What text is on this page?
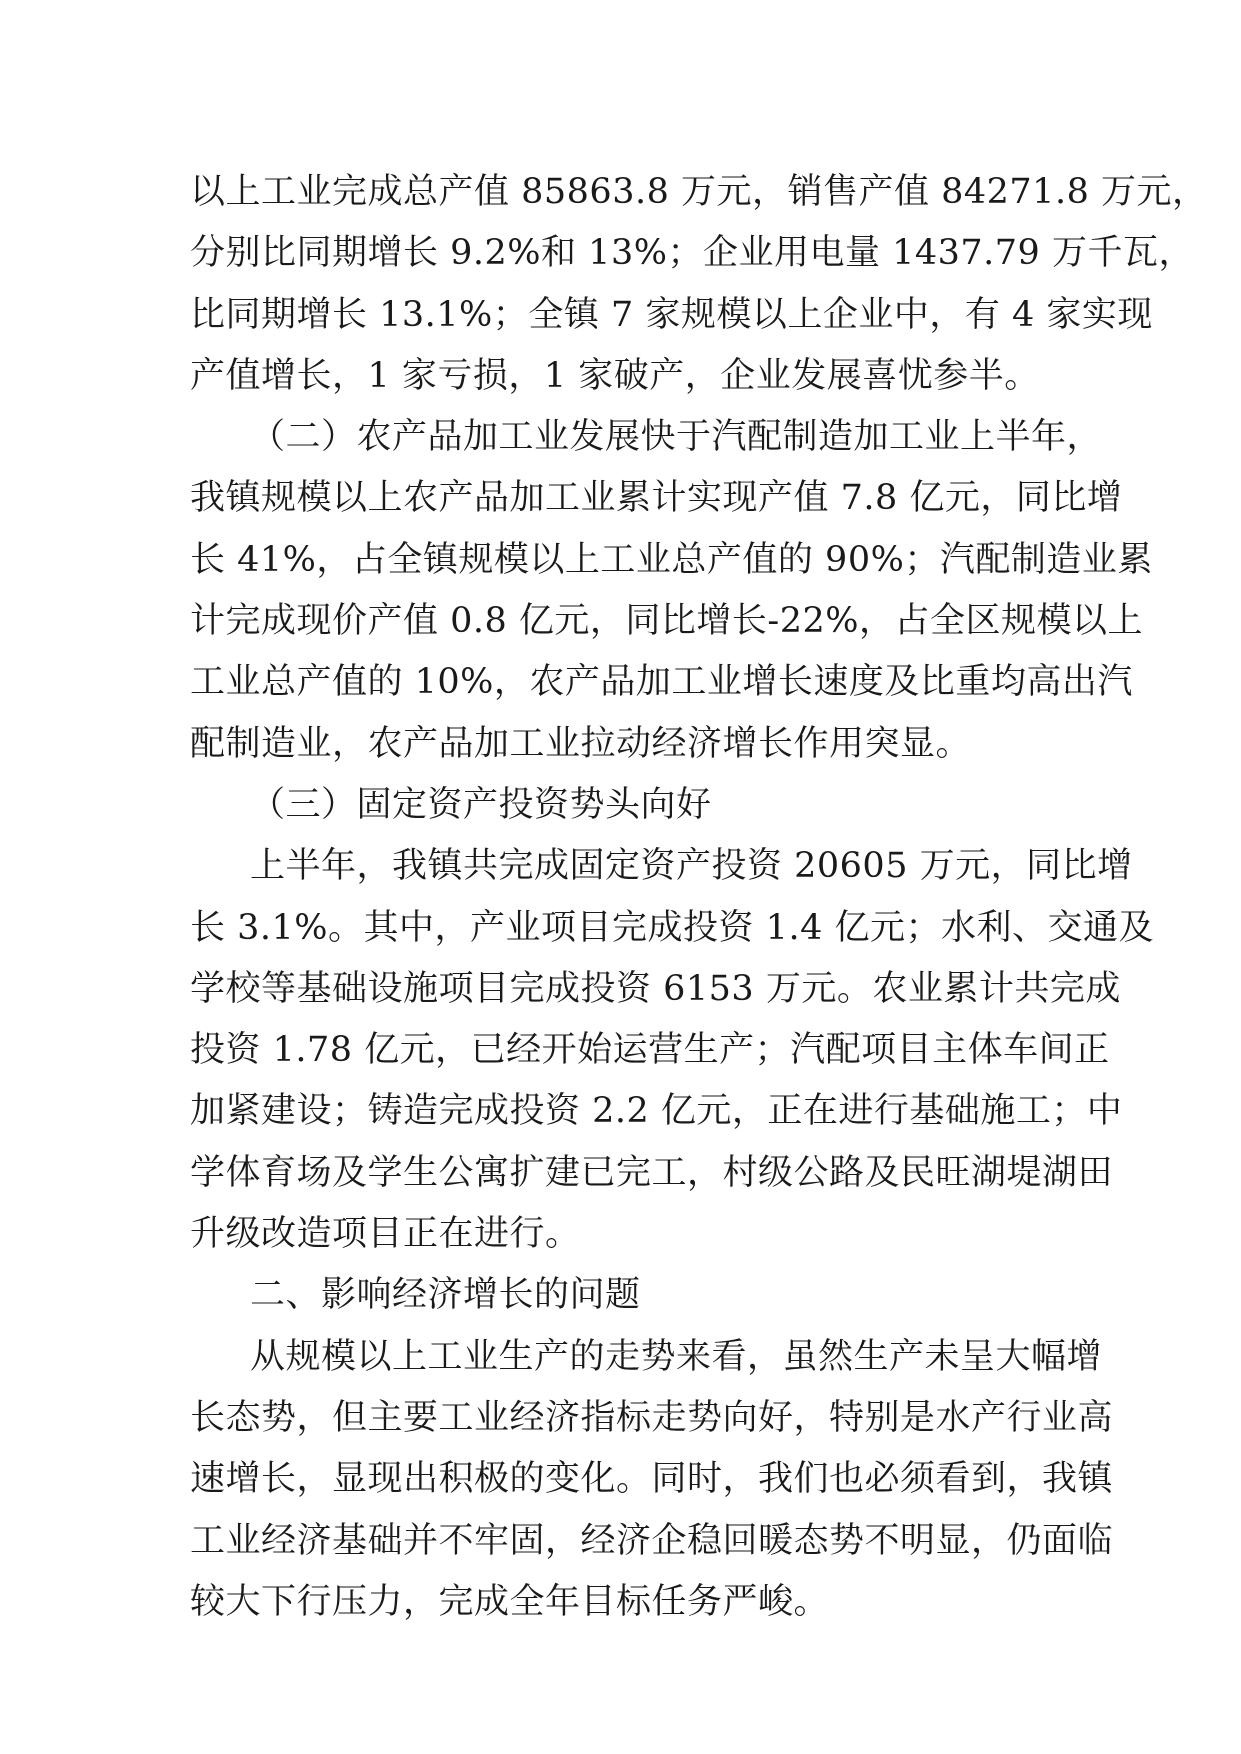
以上工业完成总产值 85863.8 万元，销售产值 84271.8 万元，
分别比同期增长 9.2%和 13%；企业用电量 1437.79 万千瓦，
比同期增长 13.1%；全镇 7 家规模以上企业中，有 4 家实现
产值增长，1 家亏损，1 家破产，企业发展喜忧参半。
（二）农产品加工业发展快于汽配制造加工业上半年，
我镇规模以上农产品加工业累计实现产值 7.8 亿元，同比增
长 41%，占全镇规模以上工业总产值的 90%；汽配制造业累
计完成现价产值 0.8 亿元，同比增长-22%，占全区规模以上
工业总产值的 10%，农产品加工业增长速度及比重均高出汽
配制造业，农产品加工业拉动经济增长作用突显。
（三）固定资产投资势头向好
上半年，我镇共完成固定资产投资 20605 万元，同比增
长 3.1%。其中，产业项目完成投资 1.4 亿元；水利、交通及
学校等基础设施项目完成投资 6153 万元。农业累计共完成
投资 1.78 亿元，已经开始运营生产；汽配项目主体车间正
加紧建设；铸造完成投资 2.2 亿元，正在进行基础施工；中
学体育场及学生公寓扩建已完工，村级公路及民旺湖堤湖田
升级改造项目正在进行。
二、影响经济增长的问题
从规模以上工业生产的走势来看，虽然生产未呈大幅增
长态势，但主要工业经济指标走势向好，特别是水产行业高
速增长，显现出积极的变化。同时，我们也必须看到，我镇
工业经济基础并不牢固，经济企稳回暖态势不明显，仍面临
较大下行压力，完成全年目标任务严峻。
